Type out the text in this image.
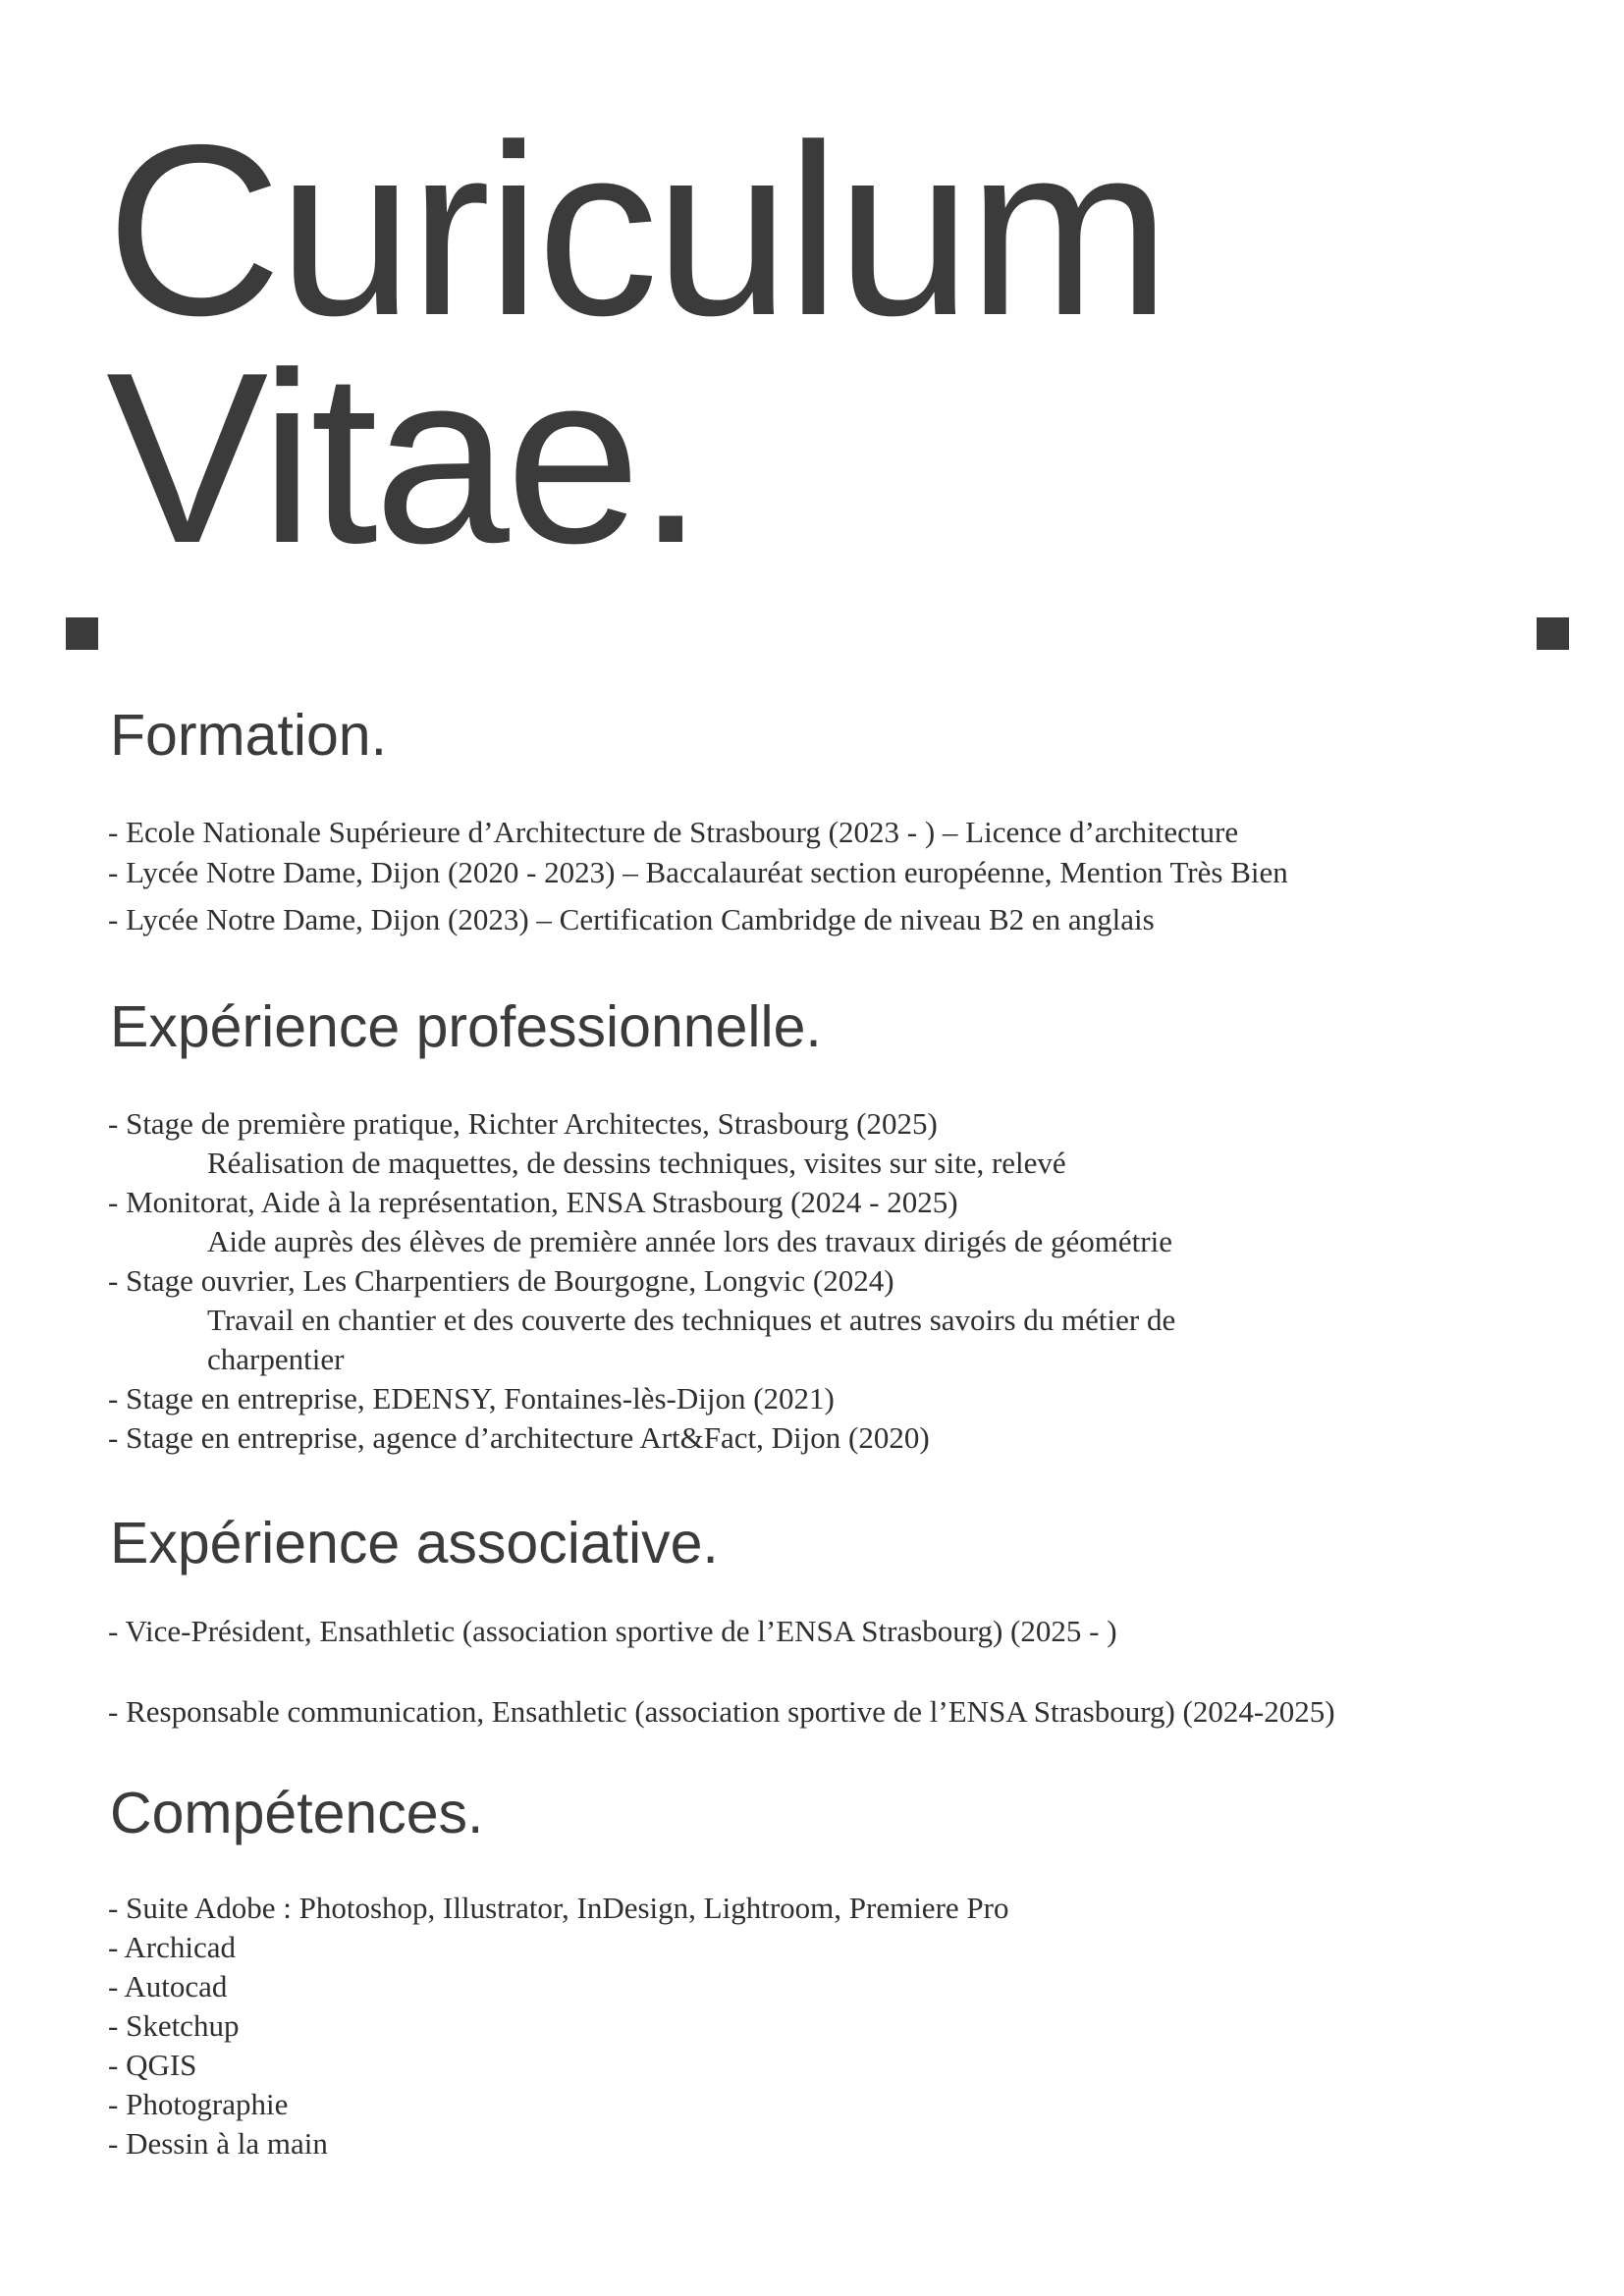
Curiculum
Vitae.
Formation.
- Ecole Nationale Supérieure d’Architecture de Strasbourg (2023 - ) – Licence d’architecture
- Lycée Notre Dame, Dijon (2020 - 2023) – Baccalauréat section européenne, Mention Très Bien
- Lycée Notre Dame, Dijon (2023) – Certification Cambridge de niveau B2 en anglais
Expérience professionnelle.
- Stage de première pratique, Richter Architectes, Strasbourg (2025)
Réalisation de maquettes, de dessins techniques, visites sur site, relevé
- Monitorat, Aide à la représentation, ENSA Strasbourg (2024 - 2025)
Aide auprès des élèves de première année lors des travaux dirigés de géométrie
- Stage ouvrier, Les Charpentiers de Bourgogne, Longvic (2024)
Travail en chantier et des couverte des techniques et autres savoirs du métier de
charpentier
- Stage en entreprise, EDENSY, Fontaines-lès-Dijon (2021)
- Stage en entreprise, agence d’architecture Art&Fact, Dijon (2020)
Expérience associative.
- Vice-Président, Ensathletic (association sportive de l’ENSA Strasbourg) (2025 - )
- Responsable communication, Ensathletic (association sportive de l’ENSA Strasbourg) (2024-2025)
Compétences.
- Suite Adobe : Photoshop, Illustrator, InDesign, Lightroom, Premiere Pro
- Archicad
- Autocad
- Sketchup
- QGIS
- Photographie
- Dessin à la main
